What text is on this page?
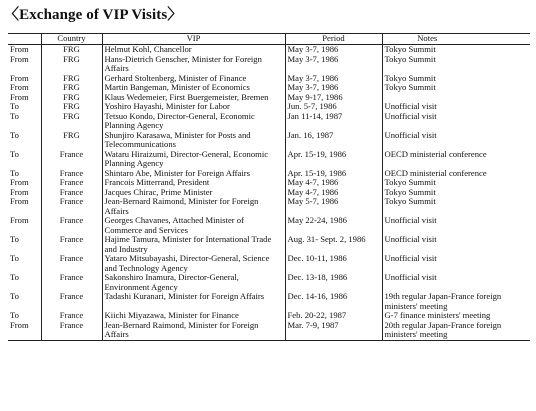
〈Exchange of VIP Visits〉
	Country	VIP	Period	Notes
From	FRG	Helmut Kohl, Chancellor	May 3-7, 1986	Tokyo Summit
From	FRG	Hans-Dietrich Genscher, Minister for Foreign Affairs	May 3-7, 1986	Tokyo Summit
From	FRG	Gerhard Stoltenberg, Minister of Finance	May 3-7, 1986	Tokyo Summit
From	FRG	Martin Bangeman, Minister of Economics	May 3-7, 1986	Tokyo Summit
From	FRG	Klaus Wedemeier, First Buergemeister, Bremen	May 9-17, 1986	
To	FRG	Yoshiro Hayashi, Minister for Labor	Jun. 5-7, 1986	Unofficial visit
To	FRG	Tetsuo Kondo, Director-General, Economic Planning Agency	Jan 11-14, 1987	Unofficial visit
To	FRG	Shunjiro Karasawa, Minister for Posts and Telecommunications	Jan. 16, 1987	Unofficial visit
To	France	Wataru Hiraizumi, Director-General, Economic Planning Agency	Apr. 15-19, 1986	OECD ministerial conference
To	France	Shintaro Abe, Minister for Foreign Affairs	Apr. 15-19, 1986	OECD ministerial conference
From	France	Francois Mitterrand, President	May 4-7, 1986	Tokyo Summit
From	France	Jacques Chirac, Prime Minister	May 4-7, 1986	Tokyo Summit
From	France	Jean-Bernard Raimond, Minister for Foreign Affairs	May 5-7, 1986	Tokyo Summit
From	France	Georges Chavanes, Attached Minister of Commerce and Services	May 22-24, 1986	Unofficial visit
To	France	Hajime Tamura, Minister for International Trade and Industry	Aug. 31- Sept. 2, 1986	Unofficial visit
To	France	Yataro Mitsubayashi, Director-General, Science and Technology Agency	Dec. 10-11, 1986	Unofficial visit
To	France	Sakonshiro Inamura, Director-General, Environment Agency	Dec. 13-18, 1986	Unofficial visit
To	France	Tadashi Kuranari, Minister for Foreign Affairs	Dec. 14-16, 1986	19th regular Japan-France foreign ministers' meeting
To	France	Kiichi Miyazawa, Minister for Finance	Feb. 20-22, 1987	G-7 finance ministers' meeting
From	France	Jean-Bernard Raimond, Minister for Foreign Affairs	Mar. 7-9, 1987	20th regular Japan-France foreign ministers' meeting
